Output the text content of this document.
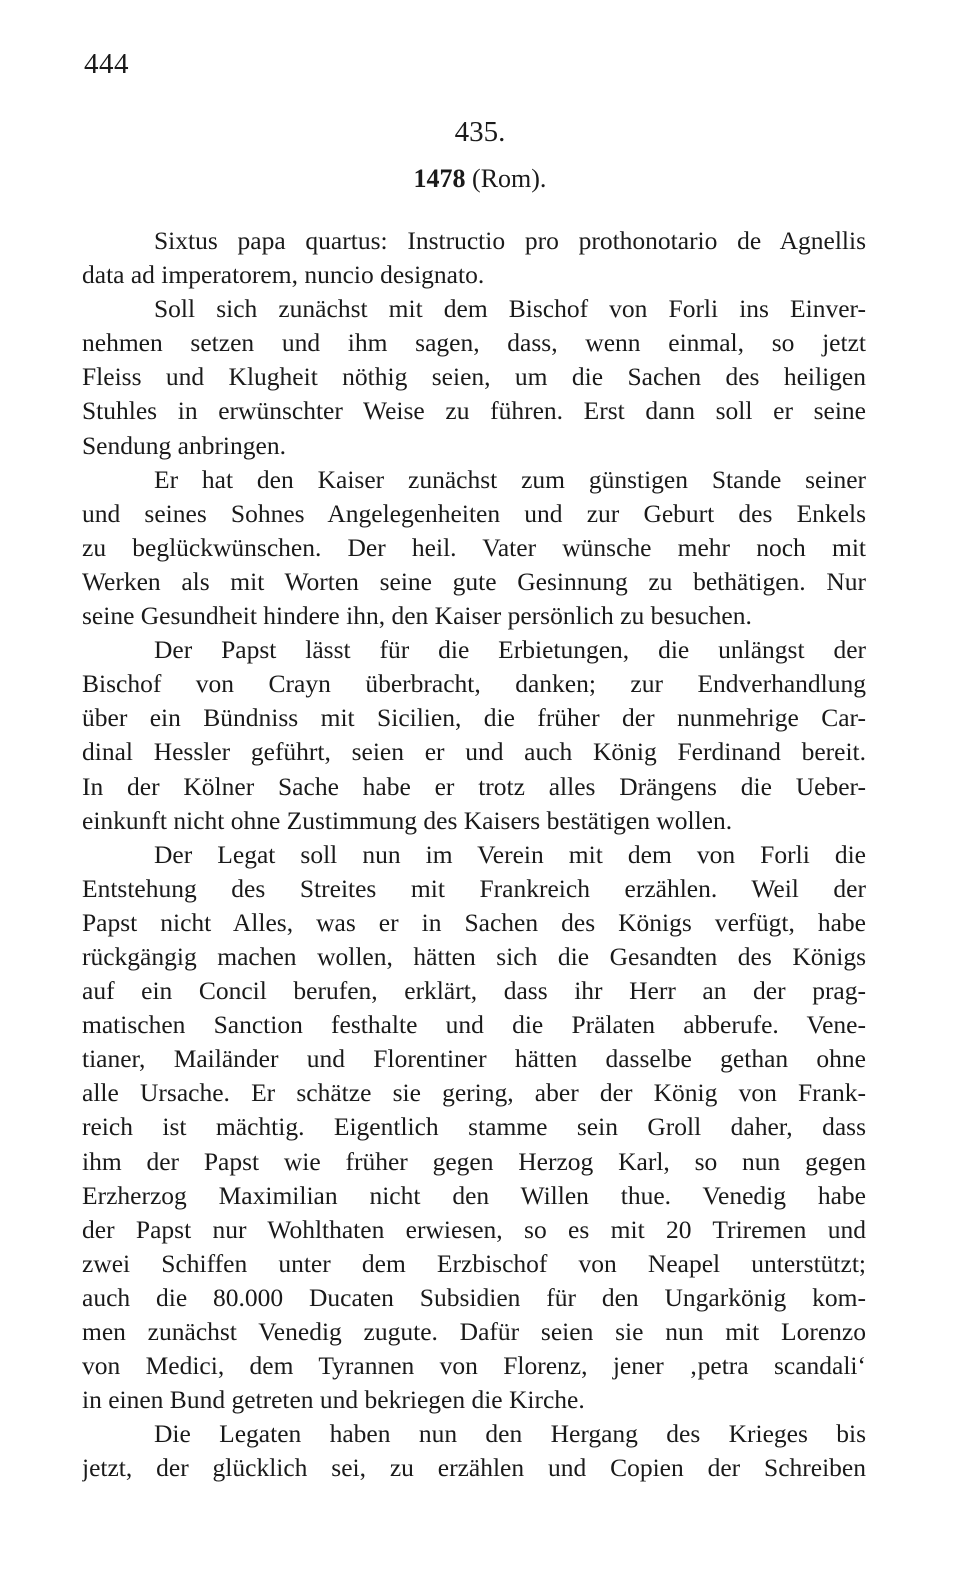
444
435.
1478 (Rom).
Sixtus papa quartus: Instructio pro prothonotario de Agnellis
data ad imperatorem, nuncio designato.
Soll sich zunächst mit dem Bischof von Forli ins Einver-
nehmen setzen und ihm sagen, dass, wenn einmal, so jetzt
Fleiss und Klugheit nöthig seien, um die Sachen des heiligen
Stuhles in erwünschter Weise zu führen. Erst dann soll er seine
Sendung anbringen.
Er hat den Kaiser zunächst zum günstigen Stande seiner
und seines Sohnes Angelegenheiten und zur Geburt des Enkels
zu beglückwünschen. Der heil. Vater wünsche mehr noch mit
Werken als mit Worten seine gute Gesinnung zu bethätigen. Nur
seine Gesundheit hindere ihn, den Kaiser persönlich zu besuchen.
Der Papst lässt für die Erbietungen, die unlängst der
Bischof von Crayn überbracht, danken; zur Endverhandlung
über ein Bündniss mit Sicilien, die früher der nunmehrige Car-
dinal Hessler geführt, seien er und auch König Ferdinand bereit.
In der Kölner Sache habe er trotz alles Drängens die Ueber-
einkunft nicht ohne Zustimmung des Kaisers bestätigen wollen.
Der Legat soll nun im Verein mit dem von Forli die
Entstehung des Streites mit Frankreich erzählen. Weil der
Papst nicht Alles, was er in Sachen des Königs verfügt, habe
rückgängig machen wollen, hätten sich die Gesandten des Königs
auf ein Concil berufen, erklärt, dass ihr Herr an der prag-
matischen Sanction festhalte und die Prälaten abberufe. Vene-
tianer, Mailänder und Florentiner hätten dasselbe gethan ohne
alle Ursache. Er schätze sie gering, aber der König von Frank-
reich ist mächtig. Eigentlich stamme sein Groll daher, dass
ihm der Papst wie früher gegen Herzog Karl, so nun gegen
Erzherzog Maximilian nicht den Willen thue. Venedig habe
der Papst nur Wohlthaten erwiesen, so es mit 20 Triremen und
zwei Schiffen unter dem Erzbischof von Neapel unterstützt;
auch die 80.000 Ducaten Subsidien für den Ungarkönig kom-
men zunächst Venedig zugute. Dafür seien sie nun mit Lorenzo
von Medici, dem Tyrannen von Florenz, jener ‚petra scandali‘
in einen Bund getreten und bekriegen die Kirche.
Die Legaten haben nun den Hergang des Krieges bis
jetzt, der glücklich sei, zu erzählen und Copien der Schreiben
